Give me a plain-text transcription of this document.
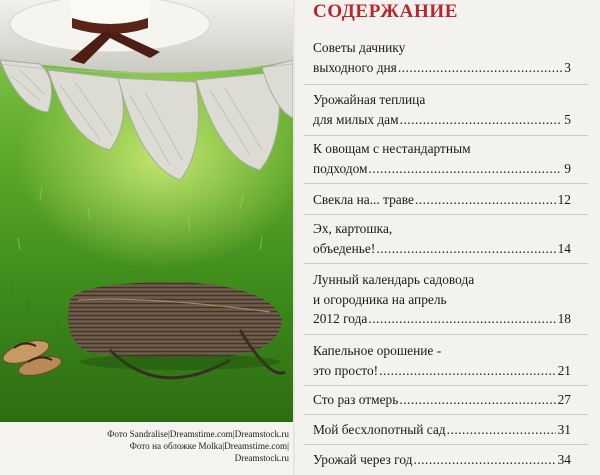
Фото Sandralise|Dreamstime.com|Dreamstock.ru
Фото на обложке Molka|Dreamstime.com|
Dreamstock.ru
СОДЕРЖАНИЕ
Советы дачнику
выходного дня .....	3
Урожайная теплица
для милых дам .....	5
К овощам с нестандартным
подходом .....	9
Свекла на... траве .....	12
Эх, картошка,
объеденье! .....	14
Лунный календарь садовода
и огородника на апрель
2012 года .....	18
Капельное орошение -
это просто! .....	21
Сто раз отмерь .....	27
Мой бесхлопотный сад .....	31
Урожай через год .....	34
